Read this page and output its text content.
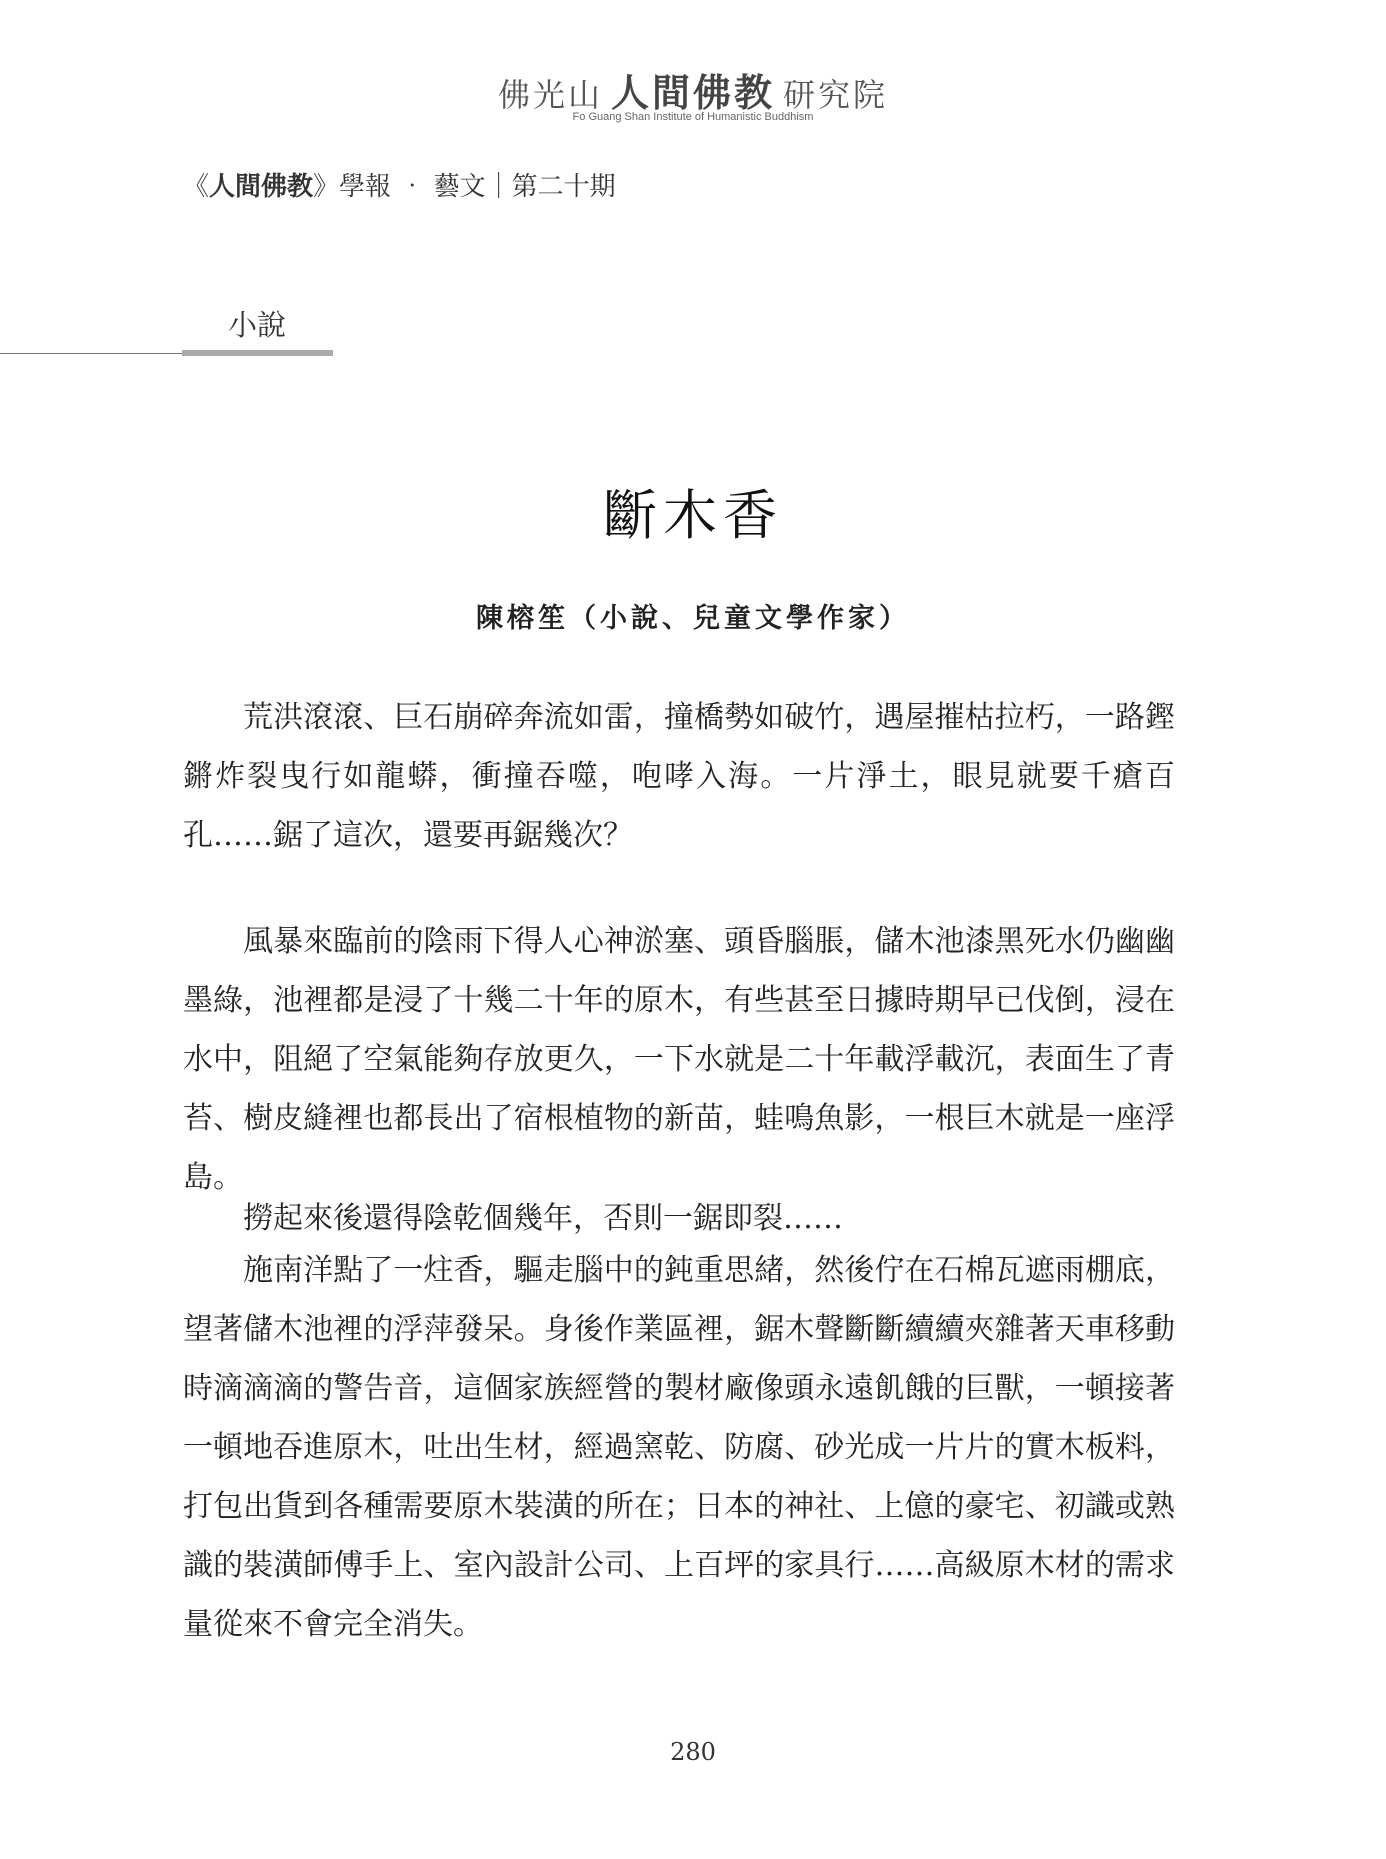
佛光山 人間佛教 研究院
Fo Guang Shan Institute of Humanistic Buddhism
《人間佛教》學報 ‧ 藝文｜第二十期
小說
斷木香
陳榕笙（小說、兒童文學作家）

荒洪滾滾、巨石崩碎奔流如雷，撞橋勢如破竹，遇屋摧枯拉朽，一路鏗鏘炸裂曳行如龍蟒，衝撞吞噬，咆哮入海。一片淨土，眼見就要千瘡百孔……鋸了這次，還要再鋸幾次？

風暴來臨前的陰雨下得人心神淤塞、頭昏腦脹，儲木池漆黑死水仍幽幽墨綠，池裡都是浸了十幾二十年的原木，有些甚至日據時期早已伐倒，浸在水中，阻絕了空氣能夠存放更久，一下水就是二十年載浮載沉，表面生了青苔、樹皮縫裡也都長出了宿根植物的新苗，蛙鳴魚影，一根巨木就是一座浮島。

撈起來後還得陰乾個幾年，否則一鋸即裂……

施南洋點了一炷香，驅走腦中的鈍重思緒，然後佇在石棉瓦遮雨棚底，望著儲木池裡的浮萍發呆。身後作業區裡，鋸木聲斷斷續續夾雜著天車移動時滴滴滴的警告音，這個家族經營的製材廠像頭永遠飢餓的巨獸，一頓接著一頓地吞進原木，吐出生材，經過窯乾、防腐、砂光成一片片的實木板料，打包出貨到各種需要原木裝潢的所在；日本的神社、上億的豪宅、初識或熟識的裝潢師傅手上、室內設計公司、上百坪的家具行……高級原木材的需求量從來不會完全消失。

280
